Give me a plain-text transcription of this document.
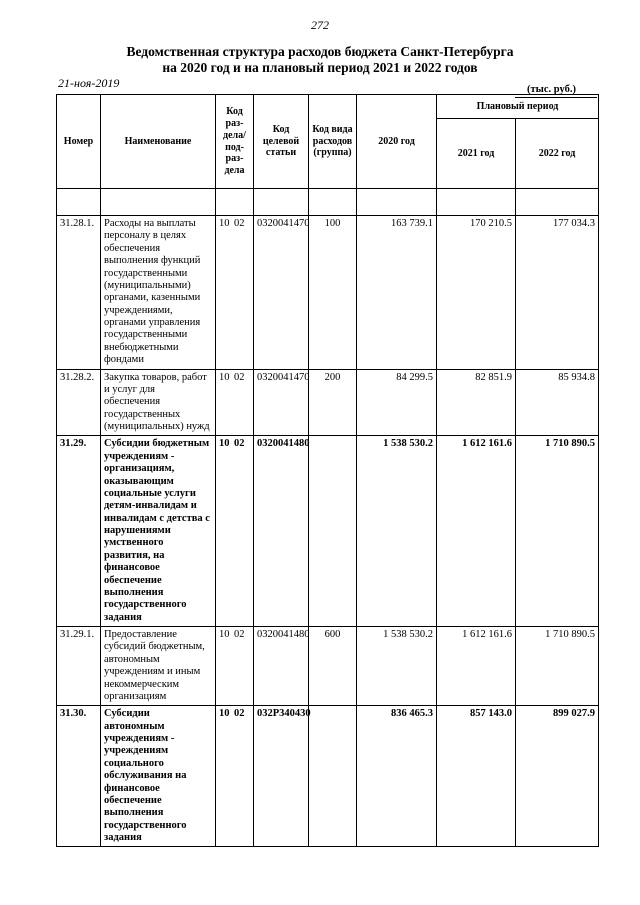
272
Ведомственная структура расходов бюджета Санкт-Петербурга
на 2020 год и на плановый период 2021 и 2022 годов
21-ноя-2019	(тыс. руб.)
Номер	Наименование	Код раз-дела/ под-раз-дела	Код целевой статьи	Код вида расходов (группа)	2020 год	Плановый период	
						2021 год	2022 год

31.28.1.	Расходы на выплаты персоналу в целях обеспечения выполнения функций государственными (муниципальными) органами, казенными учреждениями, органами управления государственными внебюджетными фондами	10 02	0320041470	100	163 739.1	170 210.5	177 034.3
31.28.2.	Закупка товаров, работ и услуг для обеспечения государственных (муниципальных) нужд	10 02	0320041470	200	84 299.5	82 851.9	85 934.8
31.29.	Субсидии бюджетным учреждениям - организациям, оказывающим социальные услуги детям-инвалидам и инвалидам с детства с нарушениями умственного развития, на финансовое обеспечение выполнения государственного задания	10 02	0320041480		1 538 530.2	1 612 161.6	1 710 890.5
31.29.1.	Предоставление субсидий бюджетным, автономным учреждениям и иным некоммерческим организациям	10 02	0320041480	600	1 538 530.2	1 612 161.6	1 710 890.5
31.30.	Субсидии автономным учреждениям - учреждениям социального обслуживания на финансовое обеспечение выполнения государственного задания	10 02	032P340430		836 465.3	857 143.0	899 027.9
